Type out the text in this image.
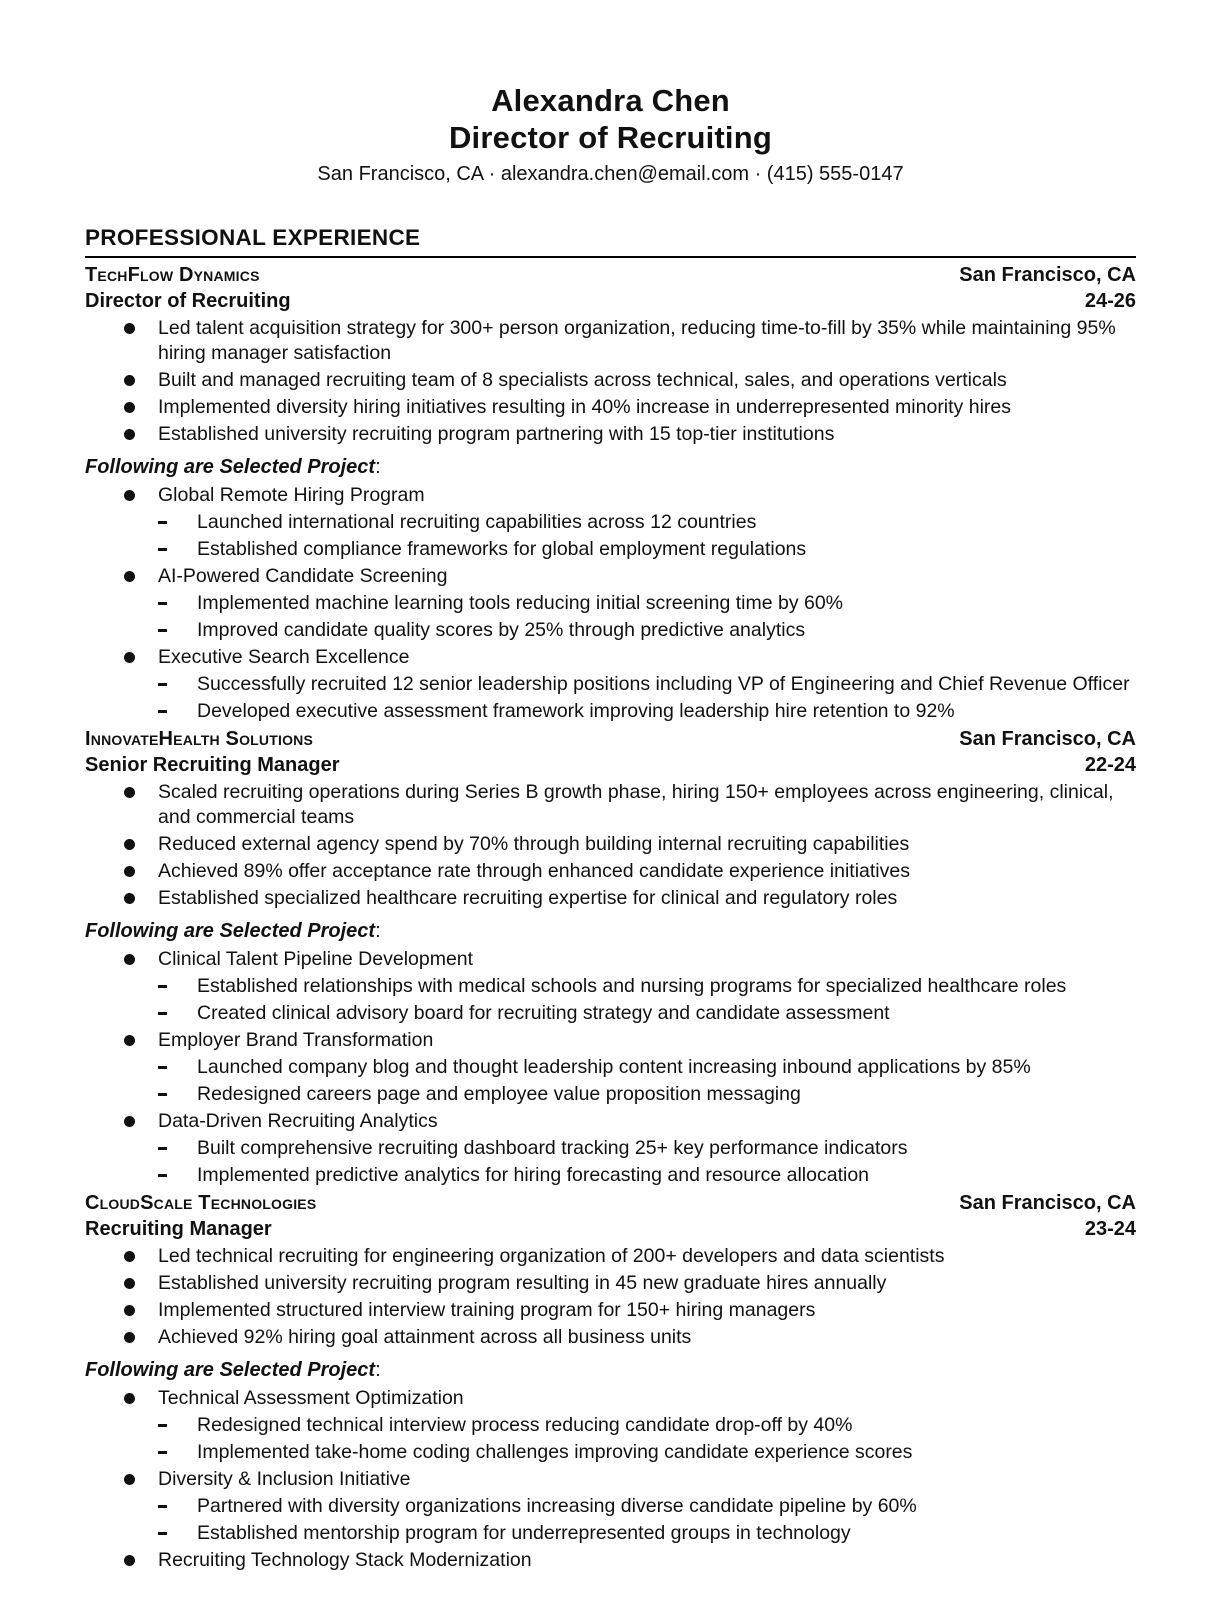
Alexandra Chen
Director of Recruiting
San Francisco, CA · alexandra.chen@email.com · (415) 555-0147
PROFESSIONAL EXPERIENCE
TechFlow Dynamics	San Francisco, CA
Director of Recruiting	24-26
Led talent acquisition strategy for 300+ person organization, reducing time-to-fill by 35% while maintaining 95% hiring manager satisfaction
Built and managed recruiting team of 8 specialists across technical, sales, and operations verticals
Implemented diversity hiring initiatives resulting in 40% increase in underrepresented minority hires
Established university recruiting program partnering with 15 top-tier institutions
Following are Selected Project:
Global Remote Hiring Program
Launched international recruiting capabilities across 12 countries
Established compliance frameworks for global employment regulations
AI-Powered Candidate Screening
Implemented machine learning tools reducing initial screening time by 60%
Improved candidate quality scores by 25% through predictive analytics
Executive Search Excellence
Successfully recruited 12 senior leadership positions including VP of Engineering and Chief Revenue Officer
Developed executive assessment framework improving leadership hire retention to 92%
InnovateHealth Solutions	San Francisco, CA
Senior Recruiting Manager	22-24
Scaled recruiting operations during Series B growth phase, hiring 150+ employees across engineering, clinical, and commercial teams
Reduced external agency spend by 70% through building internal recruiting capabilities
Achieved 89% offer acceptance rate through enhanced candidate experience initiatives
Established specialized healthcare recruiting expertise for clinical and regulatory roles
Following are Selected Project:
Clinical Talent Pipeline Development
Established relationships with medical schools and nursing programs for specialized healthcare roles
Created clinical advisory board for recruiting strategy and candidate assessment
Employer Brand Transformation
Launched company blog and thought leadership content increasing inbound applications by 85%
Redesigned careers page and employee value proposition messaging
Data-Driven Recruiting Analytics
Built comprehensive recruiting dashboard tracking 25+ key performance indicators
Implemented predictive analytics for hiring forecasting and resource allocation
CloudScale Technologies	San Francisco, CA
Recruiting Manager	23-24
Led technical recruiting for engineering organization of 200+ developers and data scientists
Established university recruiting program resulting in 45 new graduate hires annually
Implemented structured interview training program for 150+ hiring managers
Achieved 92% hiring goal attainment across all business units
Following are Selected Project:
Technical Assessment Optimization
Redesigned technical interview process reducing candidate drop-off by 40%
Implemented take-home coding challenges improving candidate experience scores
Diversity & Inclusion Initiative
Partnered with diversity organizations increasing diverse candidate pipeline by 60%
Established mentorship program for underrepresented groups in technology
Recruiting Technology Stack Modernization
